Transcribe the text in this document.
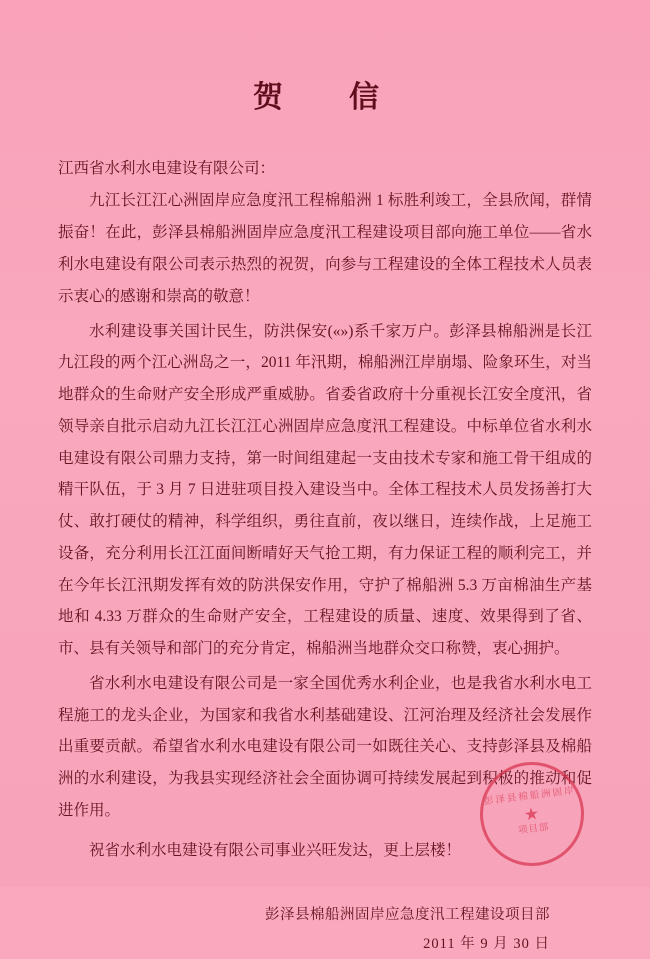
贺　信
江西省水利水电建设有限公司：

九江长江江心洲固岸应急度汛工程棉船洲 1 标胜利竣工，全县欣闻，群情振奋！在此，彭泽县棉船洲固岸应急度汛工程建设项目部向施工单位——省水利水电建设有限公司表示热烈的祝贺，向参与工程建设的全体工程技术人员表示衷心的感谢和崇高的敬意！

水利建设事关国计民生，防洪保安(«»)系千家万户。彭泽县棉船洲是长江九江段的两个江心洲岛之一，2011 年汛期，棉船洲江岸崩塌、险象环生，对当地群众的生命财产安全形成严重威胁。省委省政府十分重视长江安全度汛，省领导亲自批示启动九江长江江心洲固岸应急度汛工程建设。中标单位省水利水电建设有限公司鼎力支持，第一时间组建起一支由技术专家和施工骨干组成的精干队伍，于 3 月 7 日进驻项目投入建设当中。全体工程技术人员发扬善打大仗、敢打硬仗的精神，科学组织，勇往直前，夜以继日，连续作战，上足施工设备，充分利用长江江面间断晴好天气抢工期，有力保证工程的顺利完工，并在今年长江汛期发挥有效的防洪保安作用，守护了棉船洲 5.3 万亩棉油生产基地和 4.33 万群众的生命财产安全，工程建设的质量、速度、效果得到了省、市、县有关领导和部门的充分肯定，棉船洲当地群众交口称赞，衷心拥护。

省水利水电建设有限公司是一家全国优秀水利企业，也是我省水利水电工程施工的龙头企业，为国家和我省水利基础建设、江河治理及经济社会发展作出重要贡献。希望省水利水电建设有限公司一如既往关心、支持彭泽县及棉船洲的水利建设，为我县实现经济社会全面协调可持续发展起到积极的推动和促进作用。

祝省水利水电建设有限公司事业兴旺发达，更上层楼！
彭泽县棉船洲固岸应急度汛工程建设项目部
2011 年 9 月 30 日
彭泽县棉船洲固岸
★
项目部
